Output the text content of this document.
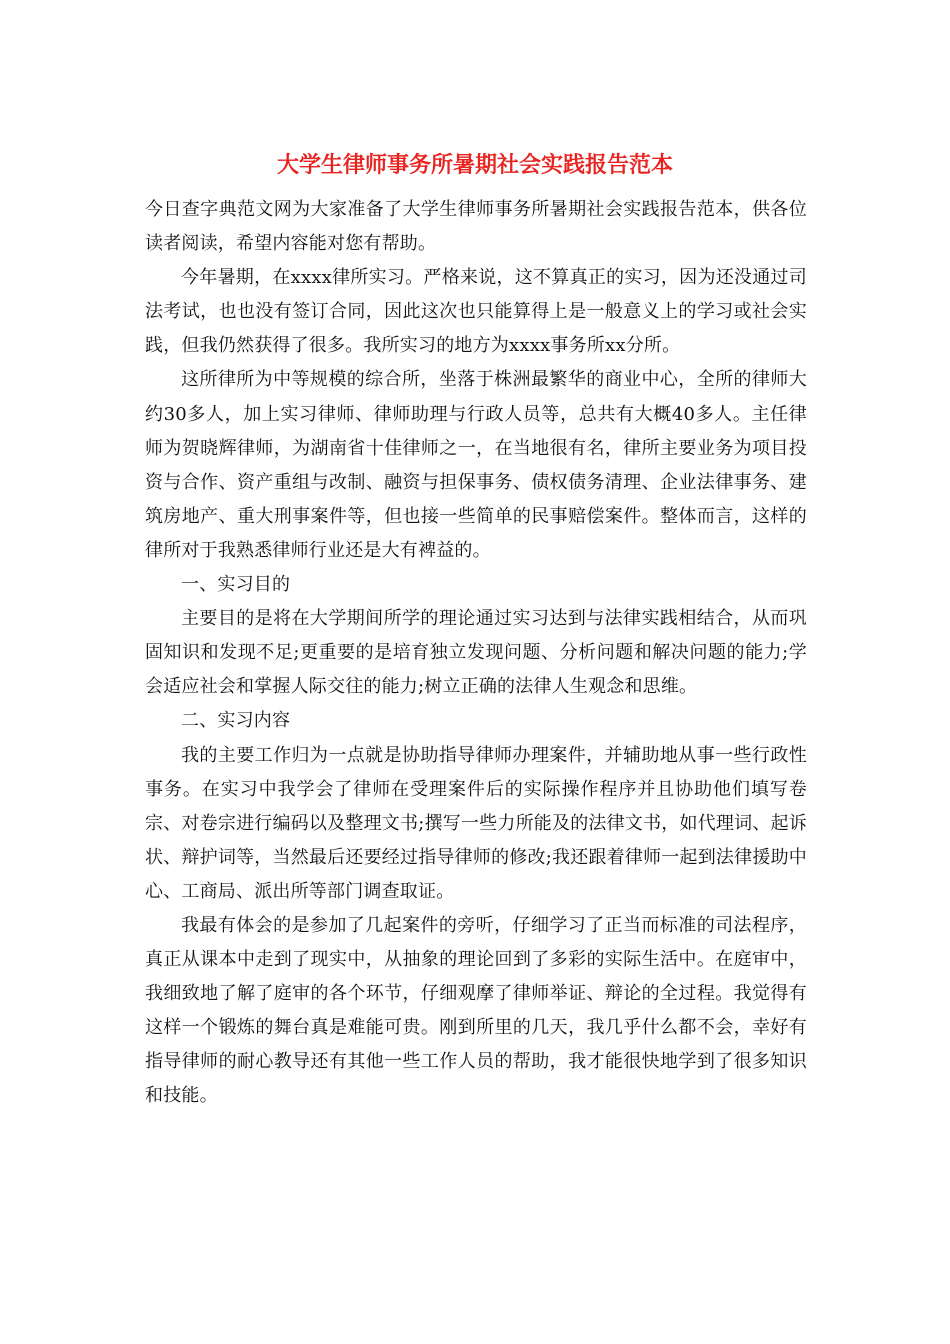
大学生律师事务所暑期社会实践报告范本

今日查字典范文网为大家准备了大学生律师事务所暑期社会实践报告范本，供各位读者阅读，希望内容能对您有帮助。

今年暑期，在xxxx律所实习。严格来说，这不算真正的实习，因为还没通过司法考试，也也没有签订合同，因此这次也只能算得上是一般意义上的学习或社会实践，但我仍然获得了很多。我所实习的地方为xxxx事务所xx分所。

这所律所为中等规模的综合所，坐落于株洲最繁华的商业中心，全所的律师大约30多人，加上实习律师、律师助理与行政人员等，总共有大概40多人。主任律师为贺晓辉律师，为湖南省十佳律师之一，在当地很有名，律所主要业务为项目投资与合作、资产重组与改制、融资与担保事务、债权债务清理、企业法律事务、建筑房地产、重大刑事案件等，但也接一些简单的民事赔偿案件。整体而言，这样的律所对于我熟悉律师行业还是大有裨益的。

一、实习目的

主要目的是将在大学期间所学的理论通过实习达到与法律实践相结合，从而巩固知识和发现不足;更重要的是培育独立发现问题、分析问题和解决问题的能力;学会适应社会和掌握人际交往的能力;树立正确的法律人生观念和思维。

二、实习内容

我的主要工作归为一点就是协助指导律师办理案件，并辅助地从事一些行政性事务。在实习中我学会了律师在受理案件后的实际操作程序并且协助他们填写卷宗、对卷宗进行编码以及整理文书;撰写一些力所能及的法律文书，如代理词、起诉状、辩护词等，当然最后还要经过指导律师的修改;我还跟着律师一起到法律援助中心、工商局、派出所等部门调查取证。

我最有体会的是参加了几起案件的旁听，仔细学习了正当而标准的司法程序，真正从课本中走到了现实中，从抽象的理论回到了多彩的实际生活中。在庭审中，我细致地了解了庭审的各个环节，仔细观摩了律师举证、辩论的全过程。我觉得有这样一个锻炼的舞台真是难能可贵。刚到所里的几天，我几乎什么都不会，幸好有指导律师的耐心教导还有其他一些工作人员的帮助，我才能很快地学到了很多知识和技能。
